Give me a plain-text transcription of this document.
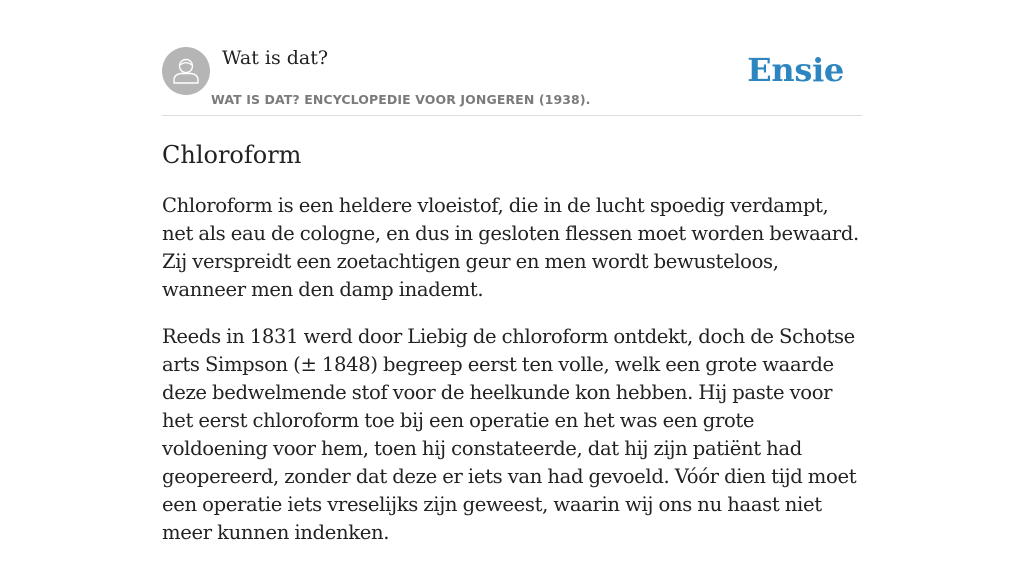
Wat is dat?
WAT IS DAT? ENCYCLOPEDIE VOOR JONGEREN (1938).
Ensie
Chloroform

Chloroform is een heldere vloeistof, die in de lucht spoedig verdampt, net als eau de cologne, en dus in gesloten flessen moet worden bewaard. Zij verspreidt een zoetachtigen geur en men wordt bewusteloos, wanneer men den damp inademt.

Reeds in 1831 werd door Liebig de chloroform ontdekt, doch de Schotse arts Simpson (± 1848) begreep eerst ten volle, welk een grote waarde deze bedwelmende stof voor de heelkunde kon hebben. Hij paste voor het eerst chloroform toe bij een operatie en het was een grote voldoening voor hem, toen hij constateerde, dat hij zijn patiënt had geopereerd, zonder dat deze er iets van had gevoeld. Vóór dien tijd moet een operatie iets vreselijks zijn geweest, waarin wij ons nu haast niet meer kunnen indenken.
